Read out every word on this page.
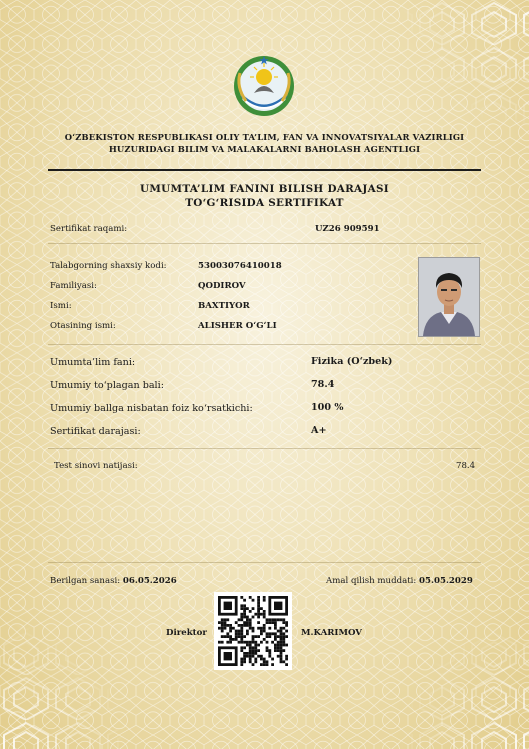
O‘ZBEKISTON RESPUBLIKASI OLIY TA’LIM, FAN VA INNOVATSIYALAR VAZIRLIGI
HUZURIDAGI BILIM VA MALAKALARNI BAHOLASH AGENTLIGI
UMUMTA’LIM FANINI BILISH DARAJASI
TO‘G‘RISIDA SERTIFIKAT
Sertifikat raqami:	UZ26 909591
Talabgorning shaxsiy kodi:	53003076410018
Familiyasi:	QODIROV
Ismi:	BAXTIYOR
Otasining ismi:	ALISHER O‘G‘LI
Umumta’lim fani:	Fizika (O‘zbek)
Umumiy to‘plagan bali:	78.4
Umumiy ballga nisbatan foiz ko‘rsatkichi:	100 %
Sertifikat darajasi:	A+
Test sinovi natijasi:	78.4
Berilgan sanasi: 06.05.2026	Amal qilish muddati: 05.05.2029
Direktor	M.KARIMOV
